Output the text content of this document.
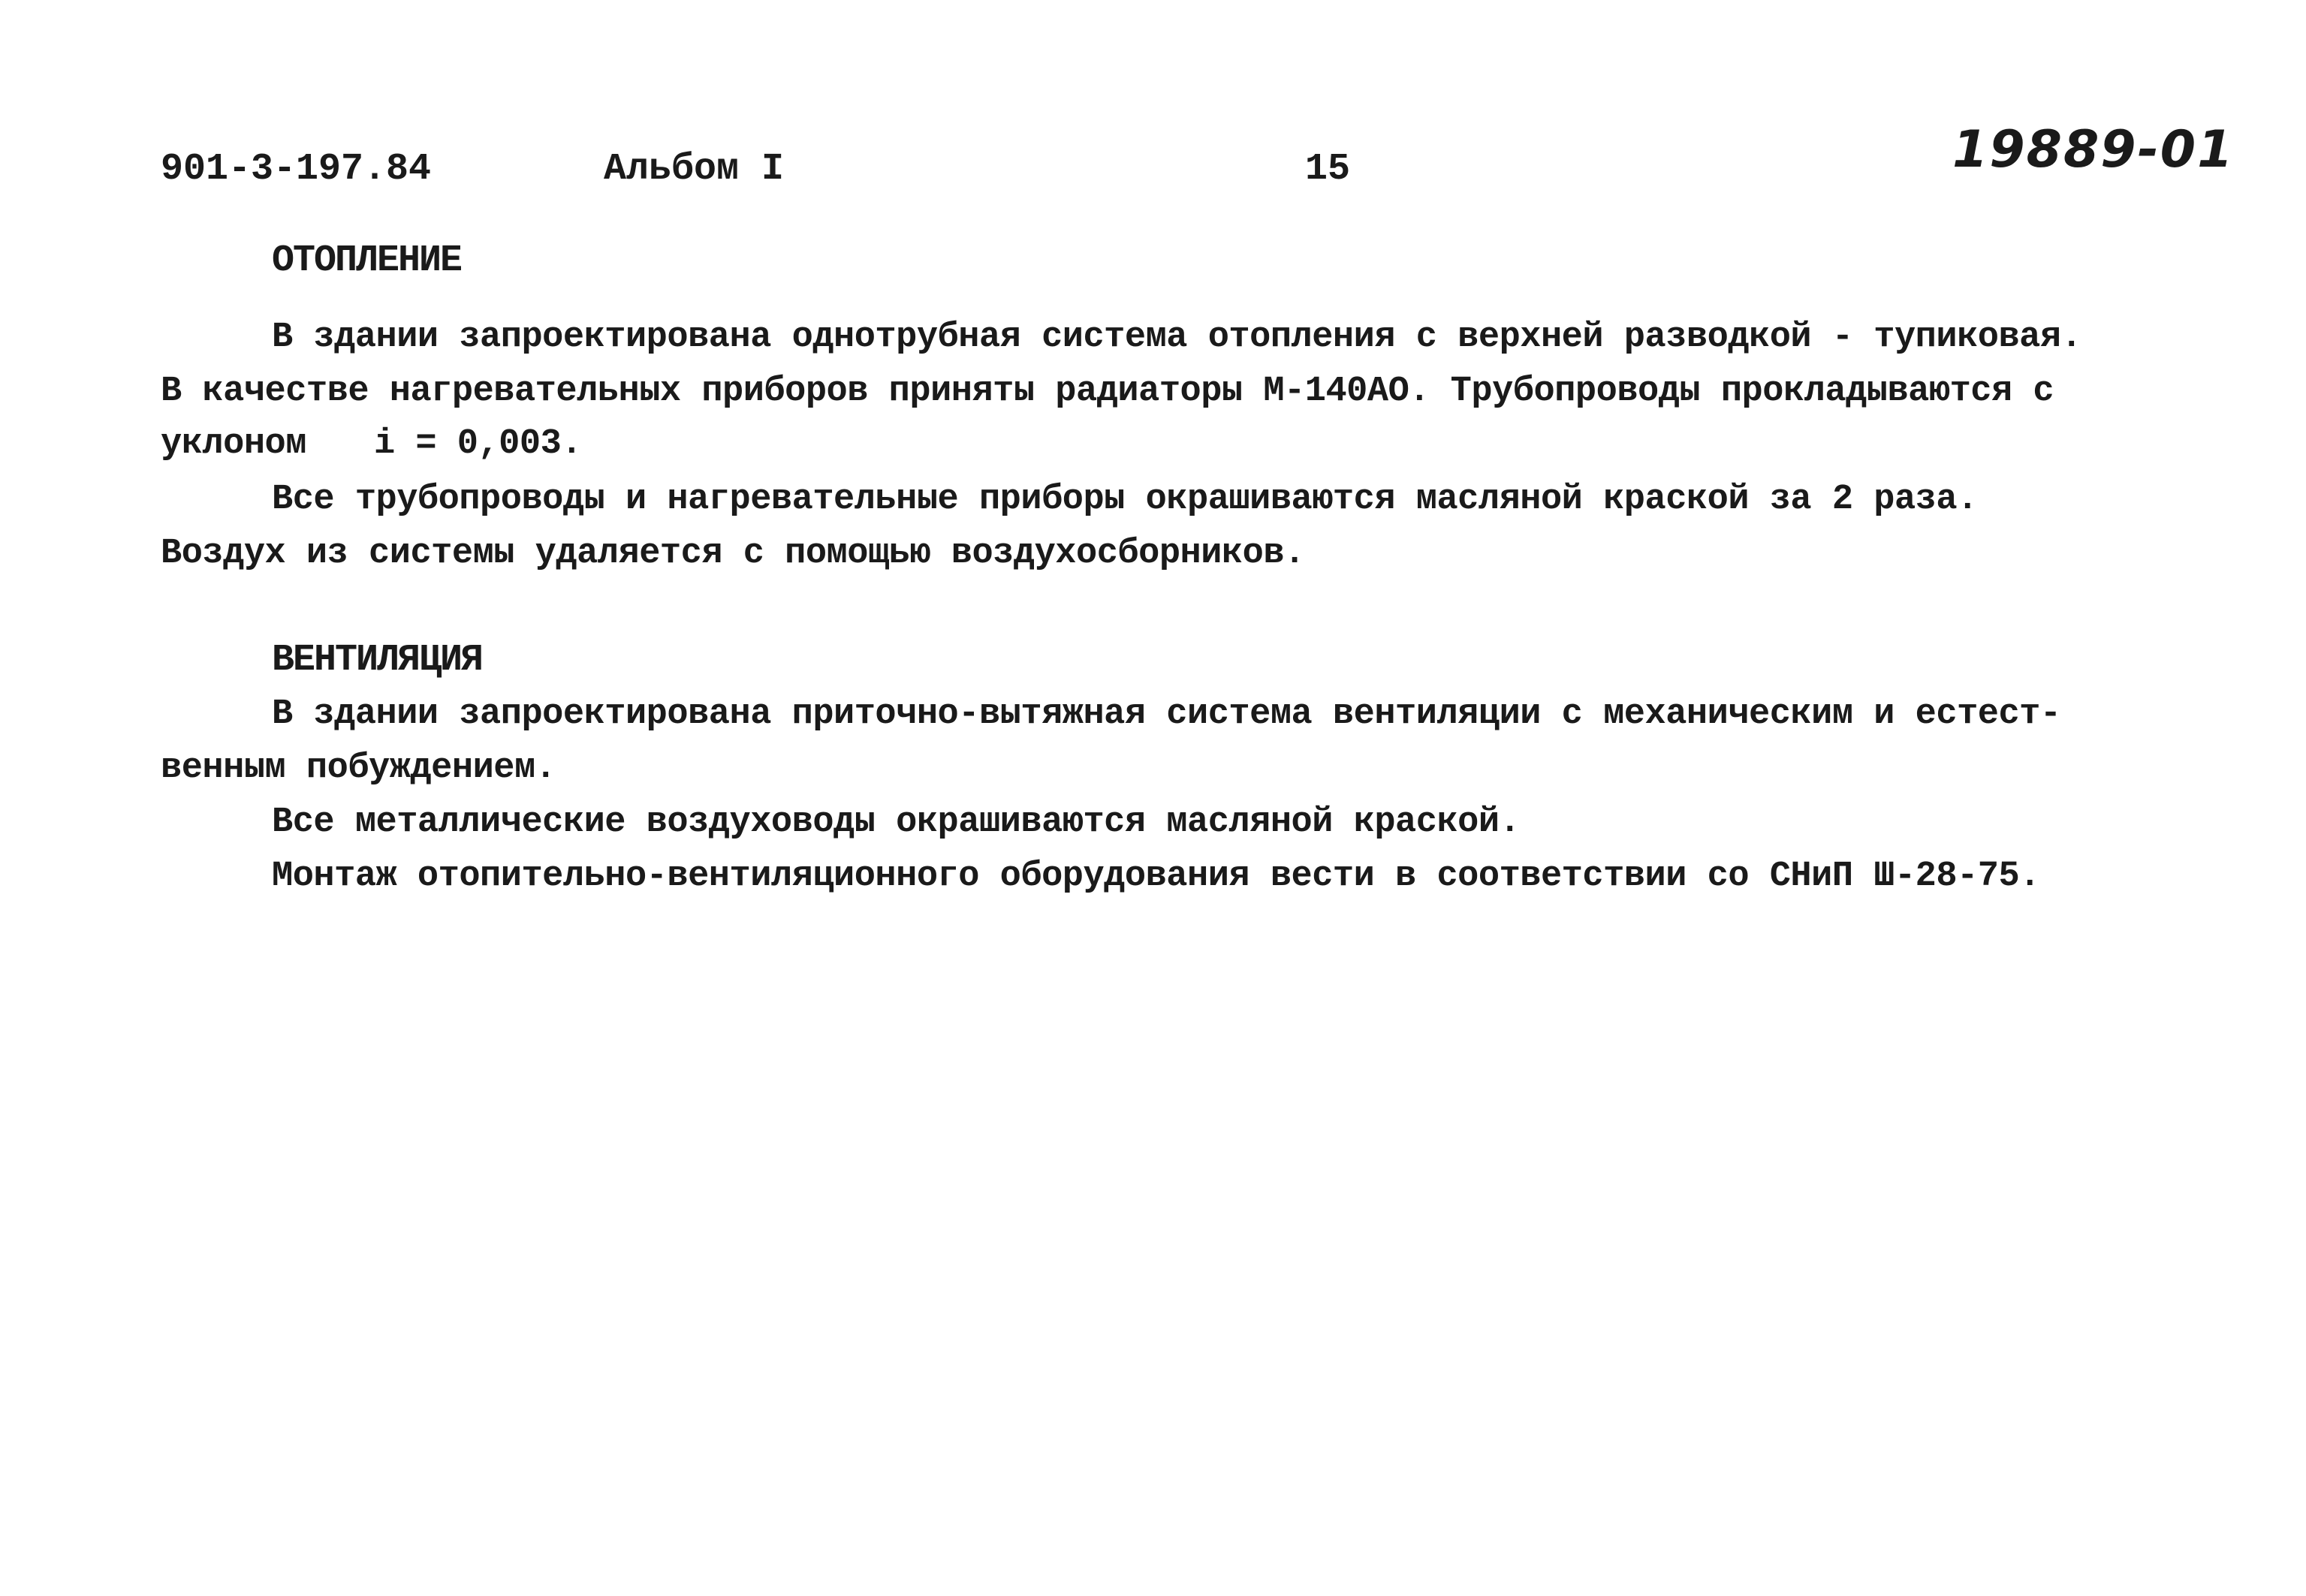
901-3-197.84	Альбом I	15	19889-01
ОТОПЛЕНИЕ
В здании запроектирована однотрубная система отопления с верхней разводкой - тупиковая.
В качестве нагревательных приборов приняты радиаторы М-140АО. Трубопроводы прокладываются с
уклоном i = 0,003.
Все трубопроводы и нагревательные приборы окрашиваются масляной краской за 2 раза.
Воздух из системы удаляется с помощью воздухосборников.
ВЕНТИЛЯЦИЯ
В здании запроектирована приточно-вытяжная система вентиляции с механическим и естест-
венным побуждением.
Все металлические воздуховоды окрашиваются масляной краской.
Монтаж отопительно-вентиляционного оборудования вести в соответствии со СНиП Ш-28-75.
